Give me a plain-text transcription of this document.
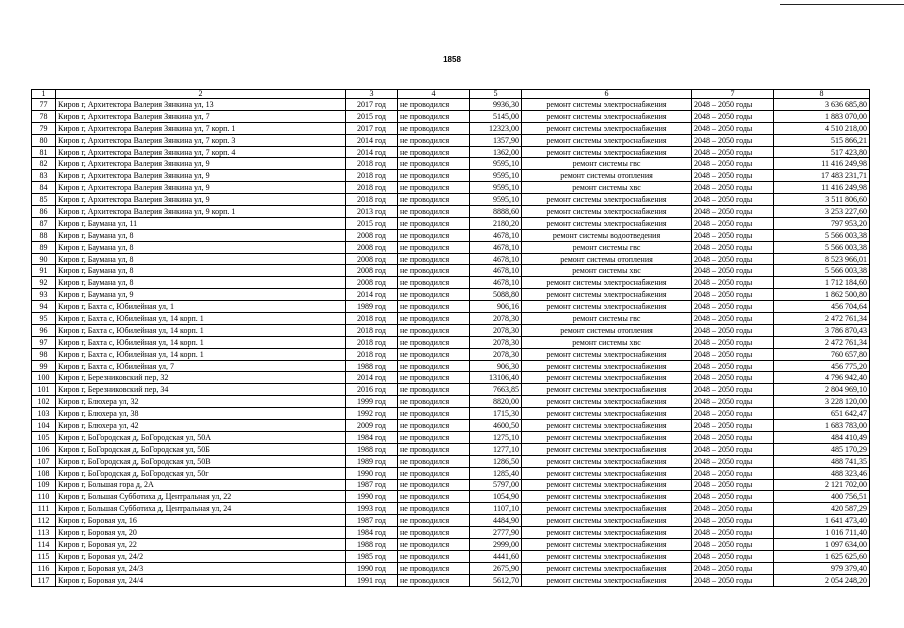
1858
1	2	3	4	5	6	7	8
77	Киров г, Архитектора Валерия Зянкина ул, 13	2017 год	не проводился	9936,30	ремонт системы электроснабжения	2048 – 2050 годы	3 636 685,80
78	Киров г, Архитектора Валерия Зянкина ул, 7	2015 год	не проводился	5145,00	ремонт системы электроснабжения	2048 – 2050 годы	1 883 070,00
79	Киров г, Архитектора Валерия Зянкина ул, 7 корп. 1	2017 год	не проводился	12323,00	ремонт системы электроснабжения	2048 – 2050 годы	4 510 218,00
80	Киров г, Архитектора Валерия Зянкина ул, 7 корп. 3	2014 год	не проводился	1357,90	ремонт системы электроснабжения	2048 – 2050 годы	515 866,21
81	Киров г, Архитектора Валерия Зянкина ул, 7 корп. 4	2014 год	не проводился	1362,00	ремонт системы электроснабжения	2048 – 2050 годы	517 423,80
82	Киров г, Архитектора Валерия Зянкина ул, 9	2018 год	не проводился	9595,10	ремонт системы гвс	2048 – 2050 годы	11 416 249,98
83	Киров г, Архитектора Валерия Зянкина ул, 9	2018 год	не проводился	9595,10	ремонт системы отопления	2048 – 2050 годы	17 483 231,71
84	Киров г, Архитектора Валерия Зянкина ул, 9	2018 год	не проводился	9595,10	ремонт системы хвс	2048 – 2050 годы	11 416 249,98
85	Киров г, Архитектора Валерия Зянкина ул, 9	2018 год	не проводился	9595,10	ремонт системы электроснабжения	2048 – 2050 годы	3 511 806,60
86	Киров г, Архитектора Валерия Зянкина ул, 9 корп. 1	2013 год	не проводился	8888,60	ремонт системы электроснабжения	2048 – 2050 годы	3 253 227,60
87	Киров г, Баумана ул, 11	2015 год	не проводился	2180,20	ремонт системы электроснабжения	2048 – 2050 годы	797 953,20
88	Киров г, Баумана ул, 8	2008 год	не проводился	4678,10	ремонт системы водоотведения	2048 – 2050 годы	5 566 003,38
89	Киров г, Баумана ул, 8	2008 год	не проводился	4678,10	ремонт системы гвс	2048 – 2050 годы	5 566 003,38
90	Киров г, Баумана ул, 8	2008 год	не проводился	4678,10	ремонт системы отопления	2048 – 2050 годы	8 523 966,01
91	Киров г, Баумана ул, 8	2008 год	не проводился	4678,10	ремонт системы хвс	2048 – 2050 годы	5 566 003,38
92	Киров г, Баумана ул, 8	2008 год	не проводился	4678,10	ремонт системы электроснабжения	2048 – 2050 годы	1 712 184,60
93	Киров г, Баумана ул, 9	2014 год	не проводился	5088,80	ремонт системы электроснабжения	2048 – 2050 годы	1 862 500,80
94	Киров г, Бахта с, Юбилейная ул, 1	1989 год	не проводился	906,16	ремонт системы электроснабжения	2048 – 2050 годы	456 704,64
95	Киров г, Бахта с, Юбилейная ул, 14 корп. 1	2018 год	не проводился	2078,30	ремонт системы гвс	2048 – 2050 годы	2 472 761,34
96	Киров г, Бахта с, Юбилейная ул, 14 корп. 1	2018 год	не проводился	2078,30	ремонт системы отопления	2048 – 2050 годы	3 786 870,43
97	Киров г, Бахта с, Юбилейная ул, 14 корп. 1	2018 год	не проводился	2078,30	ремонт системы хвс	2048 – 2050 годы	2 472 761,34
98	Киров г, Бахта с, Юбилейная ул, 14 корп. 1	2018 год	не проводился	2078,30	ремонт системы электроснабжения	2048 – 2050 годы	760 657,80
99	Киров г, Бахта с, Юбилейная ул, 7	1988 год	не проводился	906,30	ремонт системы электроснабжения	2048 – 2050 годы	456 775,20
100	Киров г, Березниковский пер, 32	2014 год	не проводился	13106,40	ремонт системы электроснабжения	2048 – 2050 годы	4 796 942,40
101	Киров г, Березниковский пер, 34	2016 год	не проводился	7663,85	ремонт системы электроснабжения	2048 – 2050 годы	2 804 969,10
102	Киров г, Блюхера ул, 32	1999 год	не проводился	8820,00	ремонт системы электроснабжения	2048 – 2050 годы	3 228 120,00
103	Киров г, Блюхера ул, 38	1992 год	не проводился	1715,30	ремонт системы электроснабжения	2048 – 2050 годы	651 642,47
104	Киров г, Блюхера ул, 42	2009 год	не проводился	4600,50	ремонт системы электроснабжения	2048 – 2050 годы	1 683 783,00
105	Киров г, БоГородская д, БоГородская ул, 50А	1984 год	не проводился	1275,10	ремонт системы электроснабжения	2048 – 2050 годы	484 410,49
106	Киров г, БоГородская д, БоГородская ул, 50Б	1988 год	не проводился	1277,10	ремонт системы электроснабжения	2048 – 2050 годы	485 170,29
107	Киров г, БоГородская д, БоГородская ул, 50В	1989 год	не проводился	1286,50	ремонт системы электроснабжения	2048 – 2050 годы	488 741,35
108	Киров г, БоГородская д, БоГородская ул, 50г	1990 год	не проводился	1285,40	ремонт системы электроснабжения	2048 – 2050 годы	488 323,46
109	Киров г, Большая гора д, 2А	1987 год	не проводился	5797,00	ремонт системы электроснабжения	2048 – 2050 годы	2 121 702,00
110	Киров г, Большая Субботиха д, Центральная ул, 22	1990 год	не проводился	1054,90	ремонт системы электроснабжения	2048 – 2050 годы	400 756,51
111	Киров г, Большая Субботиха д, Центральная ул, 24	1993 год	не проводился	1107,10	ремонт системы электроснабжения	2048 – 2050 годы	420 587,29
112	Киров г, Боровая ул, 16	1987 год	не проводился	4484,90	ремонт системы электроснабжения	2048 – 2050 годы	1 641 473,40
113	Киров г, Боровая ул, 20	1984 год	не проводился	2777,90	ремонт системы электроснабжения	2048 – 2050 годы	1 016 711,40
114	Киров г, Боровая ул, 22	1988 год	не проводился	2999,00	ремонт системы электроснабжения	2048 – 2050 годы	1 097 634,00
115	Киров г, Боровая ул, 24/2	1985 год	не проводился	4441,60	ремонт системы электроснабжения	2048 – 2050 годы	1 625 625,60
116	Киров г, Боровая ул, 24/3	1990 год	не проводился	2675,90	ремонт системы электроснабжения	2048 – 2050 годы	979 379,40
117	Киров г, Боровая ул, 24/4	1991 год	не проводился	5612,70	ремонт системы электроснабжения	2048 – 2050 годы	2 054 248,20
